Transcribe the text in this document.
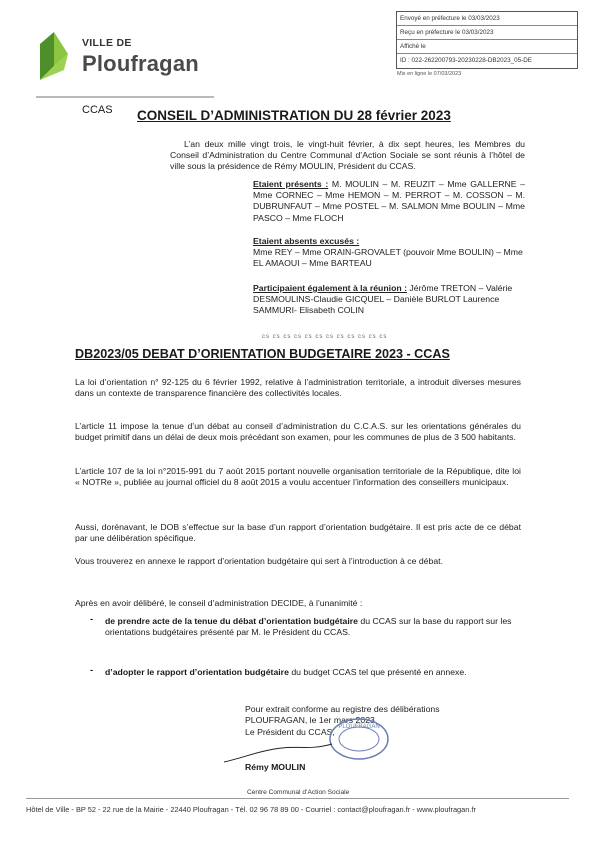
VILLE DE
Ploufragan
Envoyé en préfecture le 03/03/2023
Reçu en préfecture le 03/03/2023
Affiché le
ID : 022-262200793-20230228-DB2023_05-DE
Mis en ligne le 07/03/2023
CCAS CONSEIL D’ADMINISTRATION DU 28 février 2023
L’an deux mille vingt trois, le vingt-huit février, à dix sept heures, les Membres du Conseil d’Administration du Centre Communal d’Action Sociale se sont réunis à l’hôtel de ville sous la présidence de Rémy MOULIN, Président du CCAS.
Etaient présents : M. MOULIN – M. REUZIT – Mme GALLERNE – Mme CORNEC – Mme HEMON – M. PERROT – M. COSSON – M. DUBRUNFAUT – Mme POSTEL – M. SALMON Mme BOULIN – Mme PASCO – Mme FLOCH
Etaient absents excusés :
Mme REY – Mme ORAIN-GROVALET (pouvoir Mme BOULIN) – Mme EL AMAOUI – Mme BARTEAU
Participaient également à la réunion : Jérôme TRETON – Valérie DESMOULINS-Claudie GICQUEL – Danièle BURLOT Laurence SAMMURI- Elisabeth COLIN
cs cs cs cs cs cs cs cs cs cs cs cs
DB2023/05 DEBAT D’ORIENTATION BUDGETAIRE 2023 - CCAS
La loi d’orientation n° 92-125 du 6 février 1992, relative à l’administration territoriale, a introduit diverses mesures dans un contexte de transparence financière des collectivités locales.
L’article 11 impose la tenue d’un débat au conseil d’administration du C.C.A.S. sur les orientations générales du budget primitif dans un délai de deux mois précédant son examen, pour les communes de plus de 3 500 habitants.
L’article 107 de la loi n°2015-991 du 7 août 2015 portant nouvelle organisation territoriale de la République, dite loi « NOTRe », publiée au journal officiel du 8 août 2015 a voulu accentuer l’information des conseillers municipaux.
Aussi, dorénavant, le DOB s’effectue sur la base d’un rapport d’orientation budgétaire. Il est pris acte de ce débat par une délibération spécifique.
Vous trouverez en annexe le rapport d’orientation budgétaire qui sert à l’introduction à ce débat.
Après en avoir délibéré, le conseil d’administration DECIDE, à l’unanimité :
- de prendre acte de la tenue du débat d’orientation budgétaire du CCAS sur la base du rapport sur les orientations budgétaires présenté par M. le Président du CCAS.
- d’adopter le rapport d’orientation budgétaire du budget CCAS tel que présenté en annexe.
Pour extrait conforme au registre des délibérations
PLOUFRAGAN, le 1er mars 2023
Le Président du CCAS, PLOUFRAGAN
Rémy MOULIN
Centre Communal d’Action Sociale
Hôtel de Ville - BP 52 - 22 rue de la Mairie - 22440 Ploufragan - Tél. 02 96 78 89 00 - Courriel : contact@ploufragan.fr - www.ploufragan.fr
